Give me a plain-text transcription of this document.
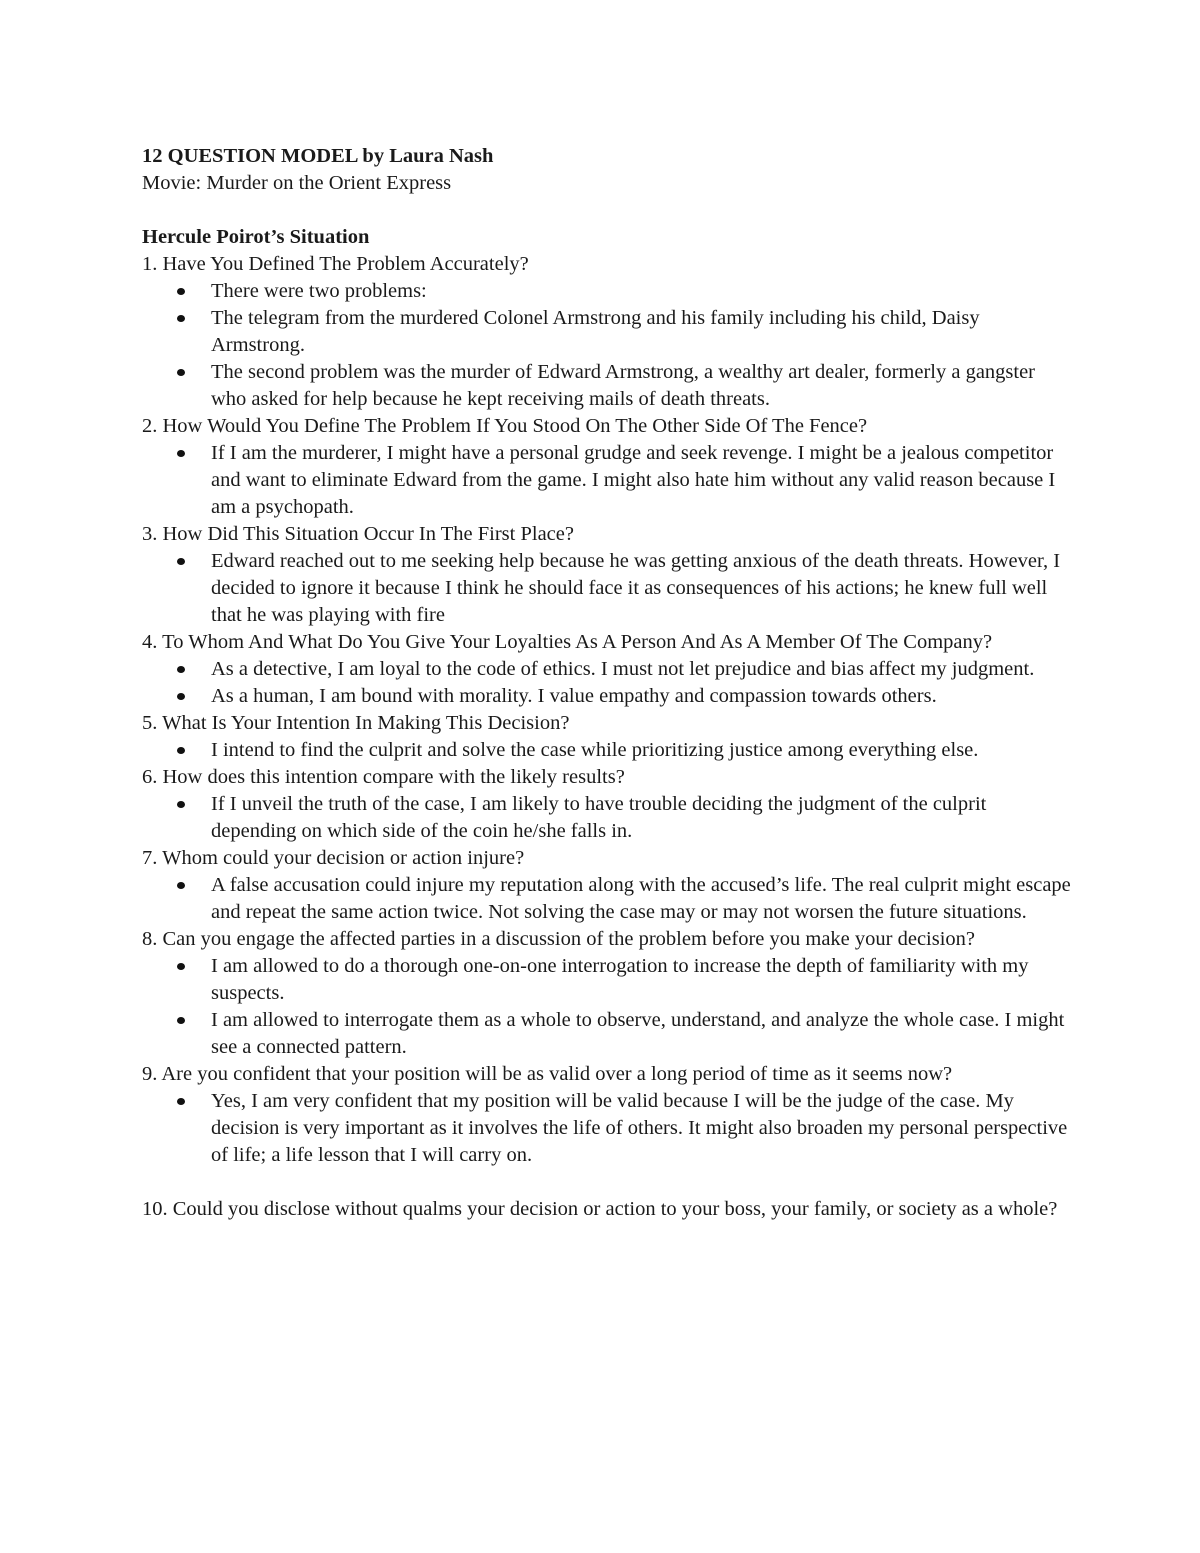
12 QUESTION MODEL by Laura Nash

Movie: Murder on the Orient Express

Hercule Poirot’s Situation

1. Have You Defined The Problem Accurately?

There were two problems:
The telegram from the murdered Colonel Armstrong and his family including his child, Daisy Armstrong.
The second problem was the murder of Edward Armstrong, a wealthy art dealer, formerly a gangster who asked for help because he kept receiving mails of death threats.

2. How Would You Define The Problem If You Stood On The Other Side Of The Fence?

If I am the murderer, I might have a personal grudge and seek revenge. I might be a jealous competitor and want to eliminate Edward from the game. I might also hate him without any valid reason because I am a psychopath.

3. How Did This Situation Occur In The First Place?

Edward reached out to me seeking help because he was getting anxious of the death threats. However, I decided to ignore it because I think he should face it as consequences of his actions; he knew full well that he was playing with fire

4. To Whom And What Do You Give Your Loyalties As A Person And As A Member Of The Company?

As a detective, I am loyal to the code of ethics. I must not let prejudice and bias affect my judgment.
As a human, I am bound with morality. I value empathy and compassion towards others.

5. What Is Your Intention In Making This Decision?

I intend to find the culprit and solve the case while prioritizing justice among everything else.

6. How does this intention compare with the likely results?

If I unveil the truth of the case, I am likely to have trouble deciding the judgment of the culprit depending on which side of the coin he/she falls in.

7. Whom could your decision or action injure?

A false accusation could injure my reputation along with the accused’s life. The real culprit might escape and repeat the same action twice. Not solving the case may or may not worsen the future situations.

8. Can you engage the affected parties in a discussion of the problem before you make your decision?

I am allowed to do a thorough one-on-one interrogation to increase the depth of familiarity with my suspects.
I am allowed to interrogate them as a whole to observe, understand, and analyze the whole case. I might see a connected pattern.

9. Are you confident that your position will be as valid over a long period of time as it seems now?

Yes, I am very confident that my position will be valid because I will be the judge of the case. My decision is very important as it involves the life of others. It might also broaden my personal perspective of life; a life lesson that I will carry on.

10. Could you disclose without qualms your decision or action to your boss, your family, or society as a whole?
